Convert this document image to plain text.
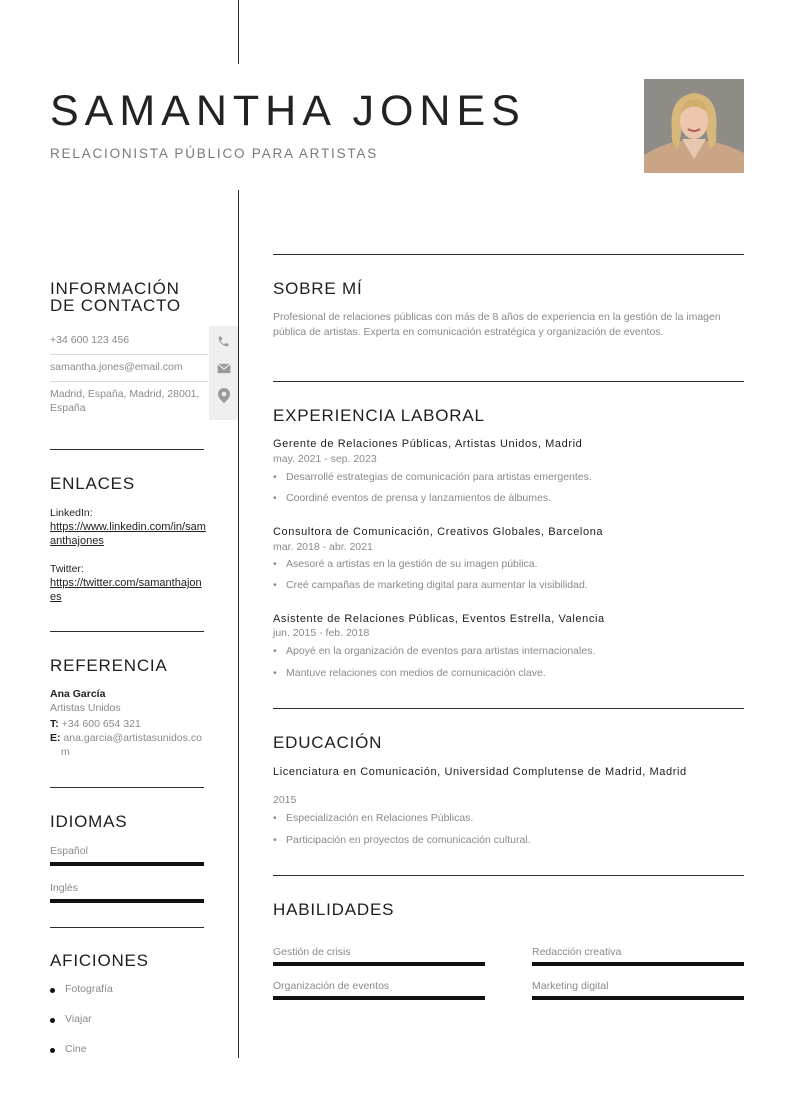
SAMANTHA JONES
RELACIONISTA PÚBLICO PARA ARTISTAS
INFORMACIÓN DE CONTACTO
+34 600 123 456
samantha.jones@email.com
Madrid, España, Madrid, 28001, España
ENLACES
LinkedIn:
https://www.linkedin.com/in/samanthajones
Twitter:
https://twitter.com/samanthajones
REFERENCIA
Ana García
Artistas Unidos
T: +34 600 654 321
E: ana.garcia@artistasunidos.com
IDIOMAS
Español
Inglés
AFICIONES
Fotografía
Viajar
Cine
SOBRE MÍ
Profesional de relaciones públicas con más de 8 años de experiencia en la gestión de la imagen pública de artistas. Experta en comunicación estratégica y organización de eventos.
EXPERIENCIA LABORAL
Gerente de Relaciones Públicas, Artistas Unidos, Madrid
may. 2021 - sep. 2023
• Desarrollé estrategias de comunicación para artistas emergentes.
• Coordiné eventos de prensa y lanzamientos de álbumes.
Consultora de Comunicación, Creativos Globales, Barcelona
mar. 2018 - abr. 2021
• Asesoré a artistas en la gestión de su imagen pública.
• Creé campañas de marketing digital para aumentar la visibilidad.
Asistente de Relaciones Públicas, Eventos Estrella, Valencia
jun. 2015 - feb. 2018
• Apoyé en la organización de eventos para artistas internacionales.
• Mantuve relaciones con medios de comunicación clave.
EDUCACIÓN
Licenciatura en Comunicación, Universidad Complutense de Madrid, Madrid
2015
• Especialización en Relaciones Públicas.
• Participación en proyectos de comunicación cultural.
HABILIDADES
Gestión de crisis	Redacción creativa
Organización de eventos	Marketing digital
